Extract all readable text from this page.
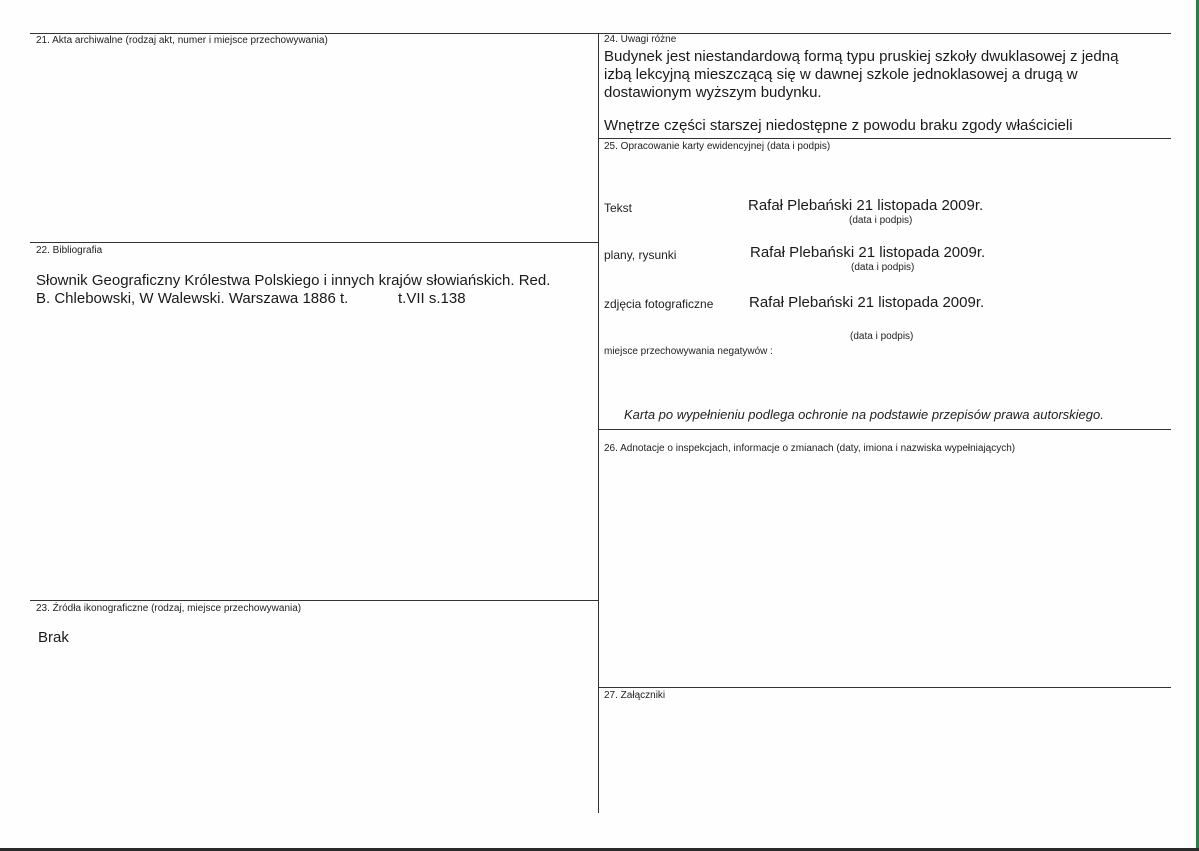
21. Akta archiwalne (rodzaj akt, numer i miejsce przechowywania)
22. Bibliografia
Słownik Geograficzny Królestwa Polskiego i innych krajów słowiańskich. Red.
B. Chlebowski, W Walewski. Warszawa 1886 t.	t.VII s.138
23. Źródła ikonograficzne (rodzaj, miejsce przechowywania)
Brak
24. Uwagi różne
Budynek jest niestandardową formą typu pruskiej szkoły dwuklasowej z jedną
izbą lekcyjną mieszczącą się w dawnej szkole jednoklasowej a drugą w
dostawionym wyższym budynku.
Wnętrze części starszej niedostępne z powodu braku zgody właścicieli
25. Opracowanie karty ewidencyjnej (data i podpis)
Tekst	Rafał Plebański 21 listopada 2009r.
(data i podpis)
plany, rysunki	Rafał Plebański 21 listopada 2009r.
(data i podpis)
zdjęcia fotograficzne Rafał Plebański 21 listopada 2009r.
(data i podpis)
miejsce przechowywania negatywów :
Karta po wypełnieniu podlega ochronie na podstawie przepisów prawa autorskiego.
26. Adnotacje o inspekcjach, informacje o zmianach (daty, imiona i nazwiska wypełniających)
27. Załączniki
